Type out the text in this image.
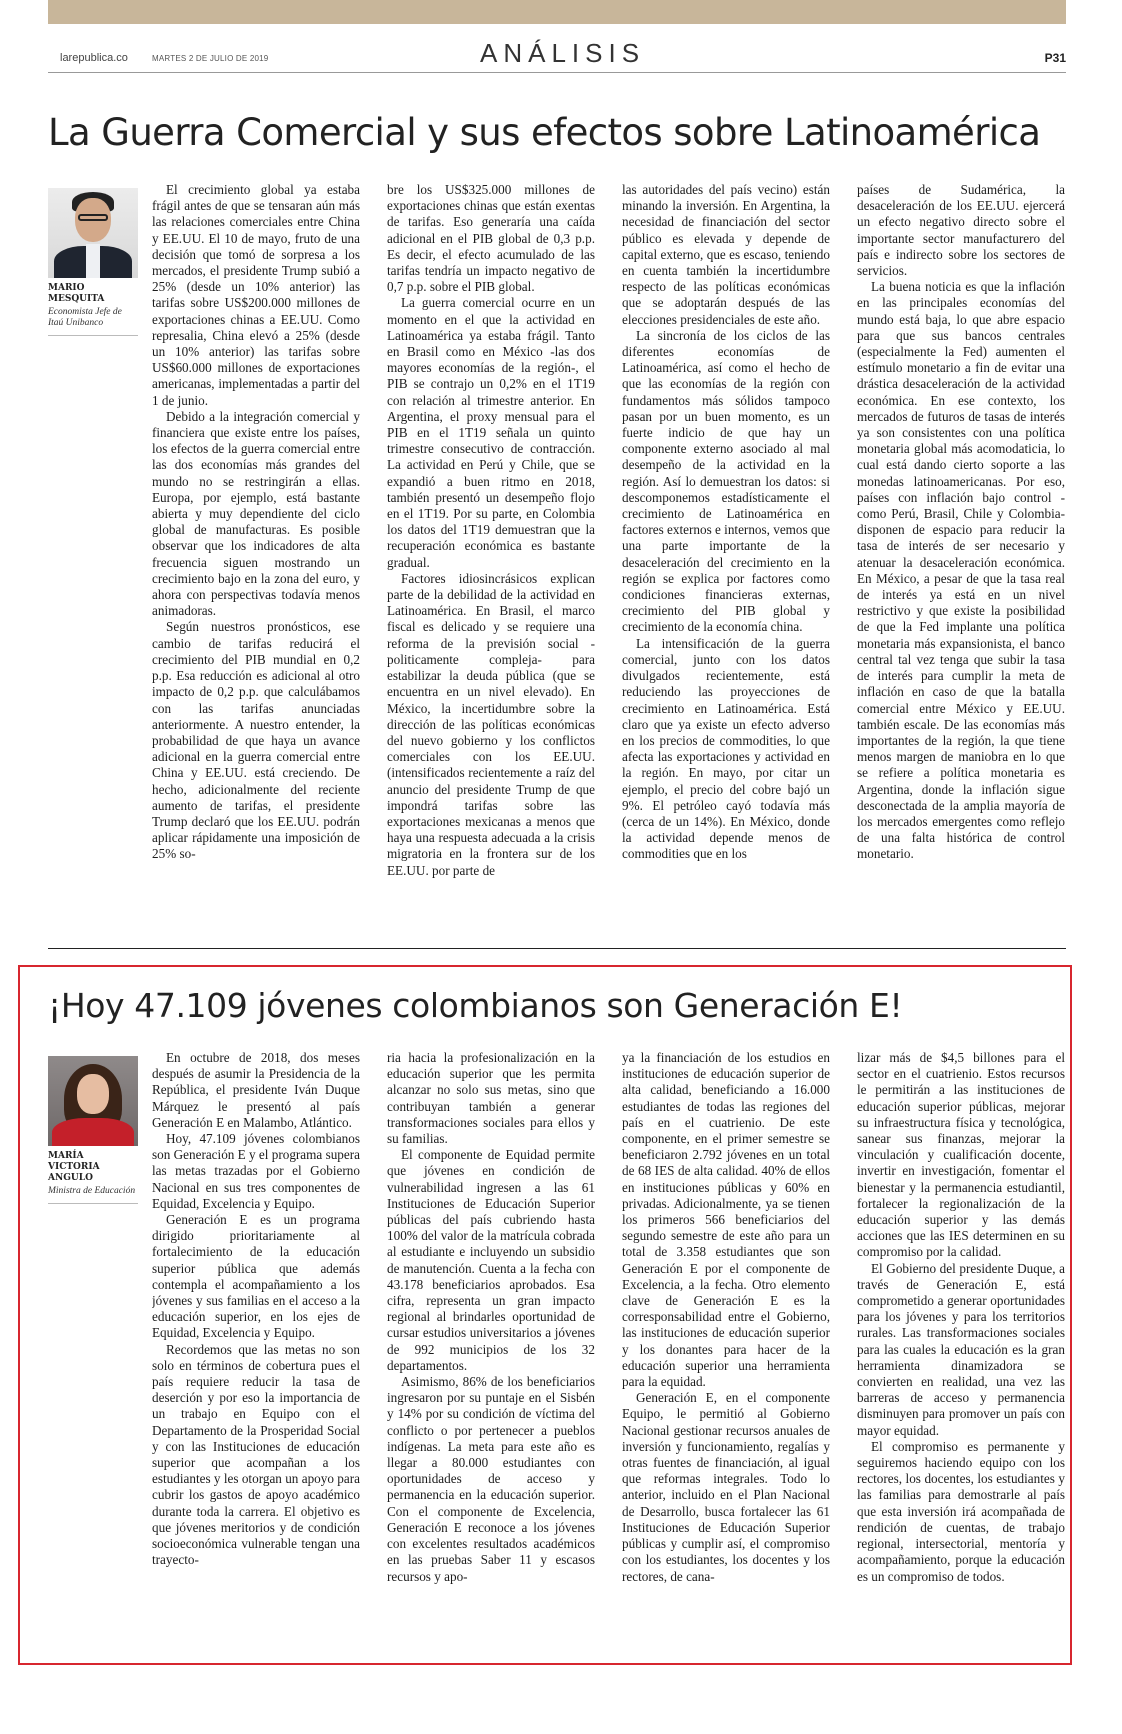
larepublica.co	MARTES 2 DE JULIO DE 2019	ANÁLISIS	P31
La Guerra Comercial y sus efectos sobre Latinoamérica
MARIO
MESQUITA
Economista Jefe de Itaú Unibanco

El crecimiento global ya estaba frágil antes de que se tensaran aún más las relaciones comerciales entre China y EE.UU. El 10 de mayo, fruto de una decisión que tomó de sorpresa a los mercados, el presidente Trump subió a 25% (desde un 10% anterior) las tarifas sobre US$200.000 millones de exportaciones chinas a EE.UU. Como represalia, China elevó a 25% (desde un 10% anterior) las tarifas sobre US$60.000 millones de exportaciones americanas, implementadas a partir del 1 de junio.

Debido a la integración comercial y financiera que existe entre los países, los efectos de la guerra comercial entre las dos economías más grandes del mundo no se restringirán a ellas. Europa, por ejemplo, está bastante abierta y muy dependiente del ciclo global de manufacturas. Es posible observar que los indicadores de alta frecuencia siguen mostrando un crecimiento bajo en la zona del euro, y ahora con perspectivas todavía menos animadoras.

Según nuestros pronósticos, ese cambio de tarifas reducirá el crecimiento del PIB mundial en 0,2 p.p. Esa reducción es adicional al otro impacto de 0,2 p.p. que calculábamos con las tarifas anunciadas anteriormente. A nuestro entender, la probabilidad de que haya un avance adicional en la guerra comercial entre China y EE.UU. está creciendo. De hecho, adicionalmente del reciente aumento de tarifas, el presidente Trump declaró que los EE.UU. podrán aplicar rápidamente una imposición de 25% so-

bre los US$325.000 millones de exportaciones chinas que están exentas de tarifas. Eso generaría una caída adicional en el PIB global de 0,3 p.p. Es decir, el efecto acumulado de las tarifas tendría un impacto negativo de 0,7 p.p. sobre el PIB global.

La guerra comercial ocurre en un momento en el que la actividad en Latinoamérica ya estaba frágil. Tanto en Brasil como en México -las dos mayores economías de la región-, el PIB se contrajo un 0,2% en el 1T19 con relación al trimestre anterior. En Argentina, el proxy mensual para el PIB en el 1T19 señala un quinto trimestre consecutivo de contracción. La actividad en Perú y Chile, que se expandió a buen ritmo en 2018, también presentó un desempeño flojo en el 1T19. Por su parte, en Colombia los datos del 1T19 demuestran que la recuperación económica es bastante gradual.

Factores idiosincrásicos explican parte de la debilidad de la actividad en Latinoamérica. En Brasil, el marco fiscal es delicado y se requiere una reforma de la previsión social -politicamente compleja- para estabilizar la deuda pública (que se encuentra en un nivel elevado). En México, la incertidumbre sobre la dirección de las políticas económicas del nuevo gobierno y los conflictos comerciales con los EE.UU. (intensificados recientemente a raíz del anuncio del presidente Trump de que impondrá tarifas sobre las exportaciones mexicanas a menos que haya una respuesta adecuada a la crisis migratoria en la frontera sur de los EE.UU. por parte de

las autoridades del país vecino) están minando la inversión. En Argentina, la necesidad de financiación del sector público es elevada y depende de capital externo, que es escaso, teniendo en cuenta también la incertidumbre respecto de las políticas económicas que se adoptarán después de las elecciones presidenciales de este año.

La sincronía de los ciclos de las diferentes economías de Latinoamérica, así como el hecho de que las economías de la región con fundamentos más sólidos tampoco pasan por un buen momento, es un fuerte indicio de que hay un componente externo asociado al mal desempeño de la actividad en la región. Así lo demuestran los datos: si descomponemos estadísticamente el crecimiento de Latinoamérica en factores externos e internos, vemos que una parte importante de la desaceleración del crecimiento en la región se explica por factores como condiciones financieras externas, crecimiento del PIB global y crecimiento de la economía china.

La intensificación de la guerra comercial, junto con los datos divulgados recientemente, está reduciendo las proyecciones de crecimiento en Latinoamérica. Está claro que ya existe un efecto adverso en los precios de commodities, lo que afecta las exportaciones y actividad en la región. En mayo, por citar un ejemplo, el precio del cobre bajó un 9%. El petróleo cayó todavía más (cerca de un 14%). En México, donde la actividad depende menos de commodities que en los

países de Sudamérica, la desaceleración de los EE.UU. ejercerá un efecto negativo directo sobre el importante sector manufacturero del país e indirecto sobre los sectores de servicios.

La buena noticia es que la inflación en las principales economías del mundo está baja, lo que abre espacio para que sus bancos centrales (especialmente la Fed) aumenten el estímulo monetario a fin de evitar una drástica desaceleración de la actividad económica. En ese contexto, los mercados de futuros de tasas de interés ya son consistentes con una política monetaria global más acomodaticia, lo cual está dando cierto soporte a las monedas latinoamericanas. Por eso, países con inflación bajo control -como Perú, Brasil, Chile y Colombia- disponen de espacio para reducir la tasa de interés de ser necesario y atenuar la desaceleración económica. En México, a pesar de que la tasa real de interés ya está en un nivel restrictivo y que existe la posibilidad de que la Fed implante una política monetaria más expansionista, el banco central tal vez tenga que subir la tasa de interés para cumplir la meta de inflación en caso de que la batalla comercial entre México y EE.UU. también escale. De las economías más importantes de la región, la que tiene menos margen de maniobra en lo que se refiere a política monetaria es Argentina, donde la inflación sigue desconectada de la amplia mayoría de los mercados emergentes como reflejo de una falta histórica de control monetario.

¡Hoy 47.109 jóvenes colombianos son Generación E!
MARÍA
VICTORIA
ANGULO
Ministra de Educación

En octubre de 2018, dos meses después de asumir la Presidencia de la República, el presidente Iván Duque Márquez le presentó al país Generación E en Malambo, Atlántico.

Hoy, 47.109 jóvenes colombianos son Generación E y el programa supera las metas trazadas por el Gobierno Nacional en sus tres componentes de Equidad, Excelencia y Equipo.

Generación E es un programa dirigido prioritariamente al fortalecimiento de la educación superior pública que además contempla el acompañamiento a los jóvenes y sus familias en el acceso a la educación superior, en los ejes de Equidad, Excelencia y Equipo.

Recordemos que las metas no son solo en términos de cobertura pues el país requiere reducir la tasa de deserción y por eso la importancia de un trabajo en Equipo con el Departamento de la Prosperidad Social y con las Instituciones de educación superior que acompañan a los estudiantes y les otorgan un apoyo para cubrir los gastos de apoyo académico durante toda la carrera. El objetivo es que jóvenes meritorios y de condición socioeconómica vulnerable tengan una trayecto-

ria hacia la profesionalización en la educación superior que les permita alcanzar no solo sus metas, sino que contribuyan también a generar transformaciones sociales para ellos y su familias.

El componente de Equidad permite que jóvenes en condición de vulnerabilidad ingresen a las 61 Instituciones de Educación Superior públicas del país cubriendo hasta 100% del valor de la matrícula cobrada al estudiante e incluyendo un subsidio de manutención. Cuenta a la fecha con 43.178 beneficiarios aprobados. Esa cifra, representa un gran impacto regional al brindarles oportunidad de cursar estudios universitarios a jóvenes de 992 municipios de los 32 departamentos.

Asimismo, 86% de los beneficiarios ingresaron por su puntaje en el Sisbén y 14% por su condición de víctima del conflicto o por pertenecer a pueblos indígenas. La meta para este año es llegar a 80.000 estudiantes con oportunidades de acceso y permanencia en la educación superior. Con el componente de Excelencia, Generación E reconoce a los jóvenes con excelentes resultados académicos en las pruebas Saber 11 y escasos recursos y apo-

ya la financiación de los estudios en instituciones de educación superior de alta calidad, beneficiando a 16.000 estudiantes de todas las regiones del país en el cuatrienio. De este componente, en el primer semestre se beneficiaron 2.792 jóvenes en un total de 68 IES de alta calidad. 40% de ellos en instituciones públicas y 60% en privadas. Adicionalmente, ya se tienen los primeros 566 beneficiarios del segundo semestre de este año para un total de 3.358 estudiantes que son Generación E por el componente de Excelencia, a la fecha. Otro elemento clave de Generación E es la corresponsabilidad entre el Gobierno, las instituciones de educación superior y los donantes para hacer de la educación superior una herramienta para la equidad.

Generación E, en el componente Equipo, le permitió al Gobierno Nacional gestionar recursos anuales de inversión y funcionamiento, regalías y otras fuentes de financiación, al igual que reformas integrales. Todo lo anterior, incluido en el Plan Nacional de Desarrollo, busca fortalecer las 61 Instituciones de Educación Superior públicas y cumplir así, el compromiso con los estudiantes, los docentes y los rectores, de cana-

lizar más de $4,5 billones para el sector en el cuatrienio. Estos recursos le permitirán a las instituciones de educación superior públicas, mejorar su infraestructura física y tecnológica, sanear sus finanzas, mejorar la vinculación y cualificación docente, invertir en investigación, fomentar el bienestar y la permanencia estudiantil, fortalecer la regionalización de la educación superior y las demás acciones que las IES determinen en su compromiso por la calidad.

El Gobierno del presidente Duque, a través de Generación E, está comprometido a generar oportunidades para los jóvenes y para los territorios rurales. Las transformaciones sociales para las cuales la educación es la gran herramienta dinamizadora se convierten en realidad, una vez las barreras de acceso y permanencia disminuyen para promover un país con mayor equidad.

El compromiso es permanente y seguiremos haciendo equipo con los rectores, los docentes, los estudiantes y las familias para demostrarle al país que esta inversión irá acompañada de rendición de cuentas, de trabajo regional, intersectorial, mentoría y acompañamiento, porque la educación es un compromiso de todos.
